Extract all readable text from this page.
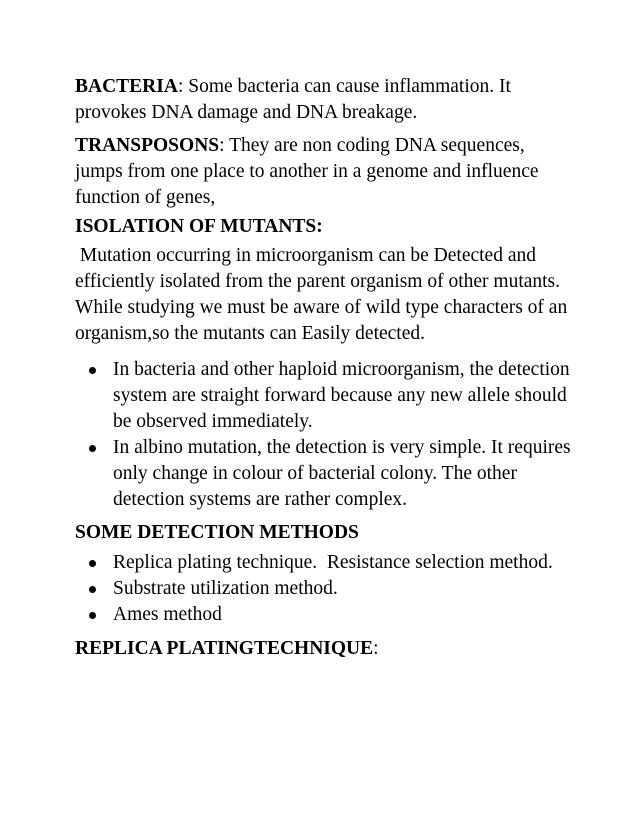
BACTERIA: Some bacteria can cause inflammation. It provokes DNA damage and DNA breakage.

TRANSPOSONS: They are non coding DNA sequences, jumps from one place to another in a genome and influence function of genes,

ISOLATION OF MUTANTS:

Mutation occurring in microorganism can be Detected and efficiently isolated from the parent organism of other mutants. While studying we must be aware of wild type characters of an organism,so the mutants can Easily detected.

In bacteria and other haploid microorganism, the detection system are straight forward because any new allele should be observed immediately.
In albino mutation, the detection is very simple. It requires only change in colour of bacterial colony. The other detection systems are rather complex.

SOME DETECTION METHODS

Replica plating technique.  Resistance selection method.
Substrate utilization method.
Ames method

REPLICA PLATINGTECHNIQUE:
